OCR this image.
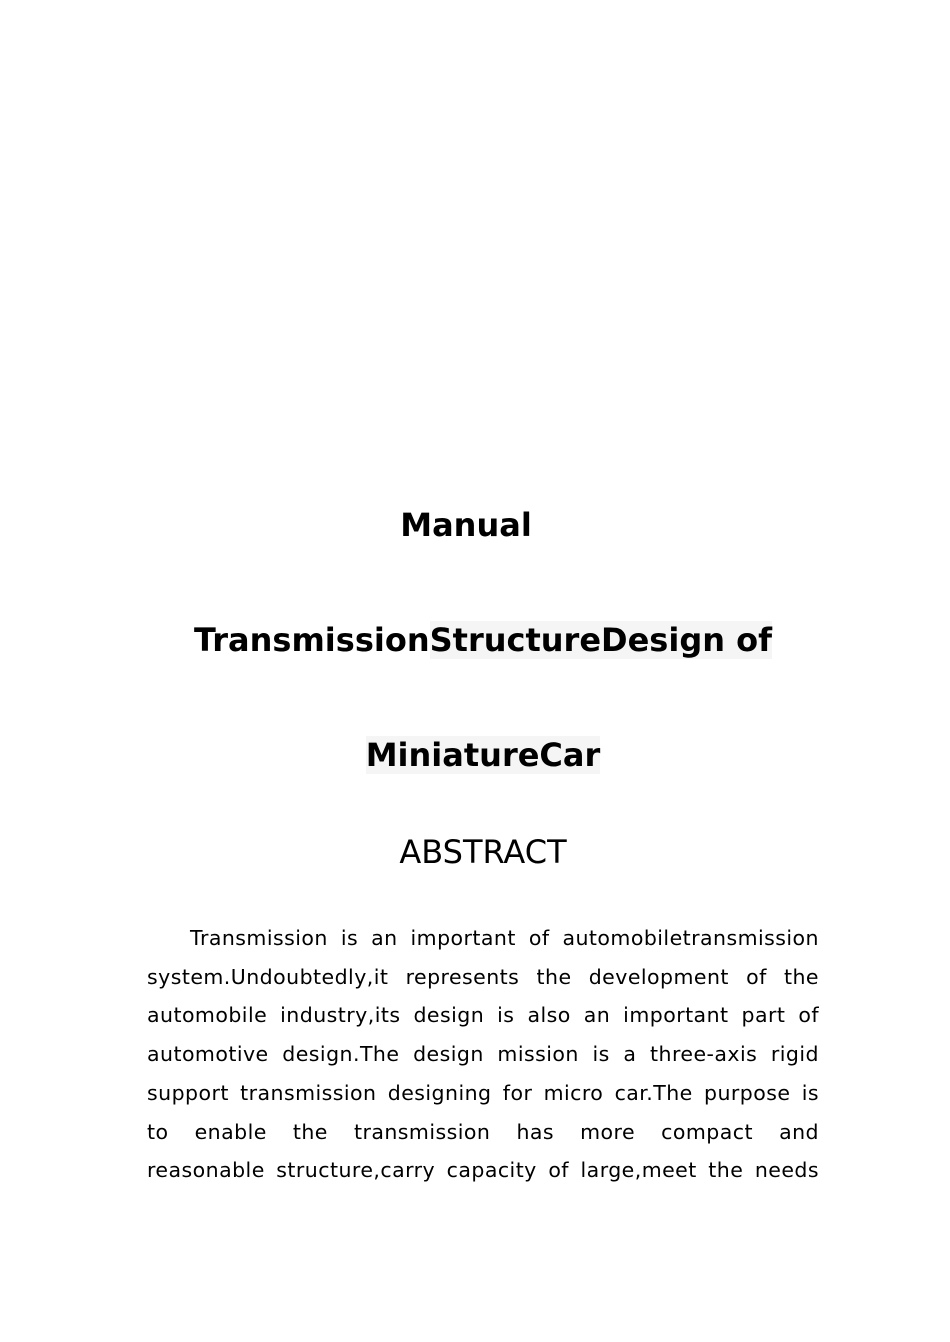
Manual
TransmissionStructureDesign of
MiniatureCar
ABSTRACT
Transmission is an important of automobiletransmission
system.Undoubtedly,it represents the development of the
automobile industry,its design is also an important part of
automotive design.The design mission is a three-axis rigid
support transmission designing for micro car.The purpose is
to enable the transmission has more compact and
reasonable structure,carry capacity of large,meet the needs
